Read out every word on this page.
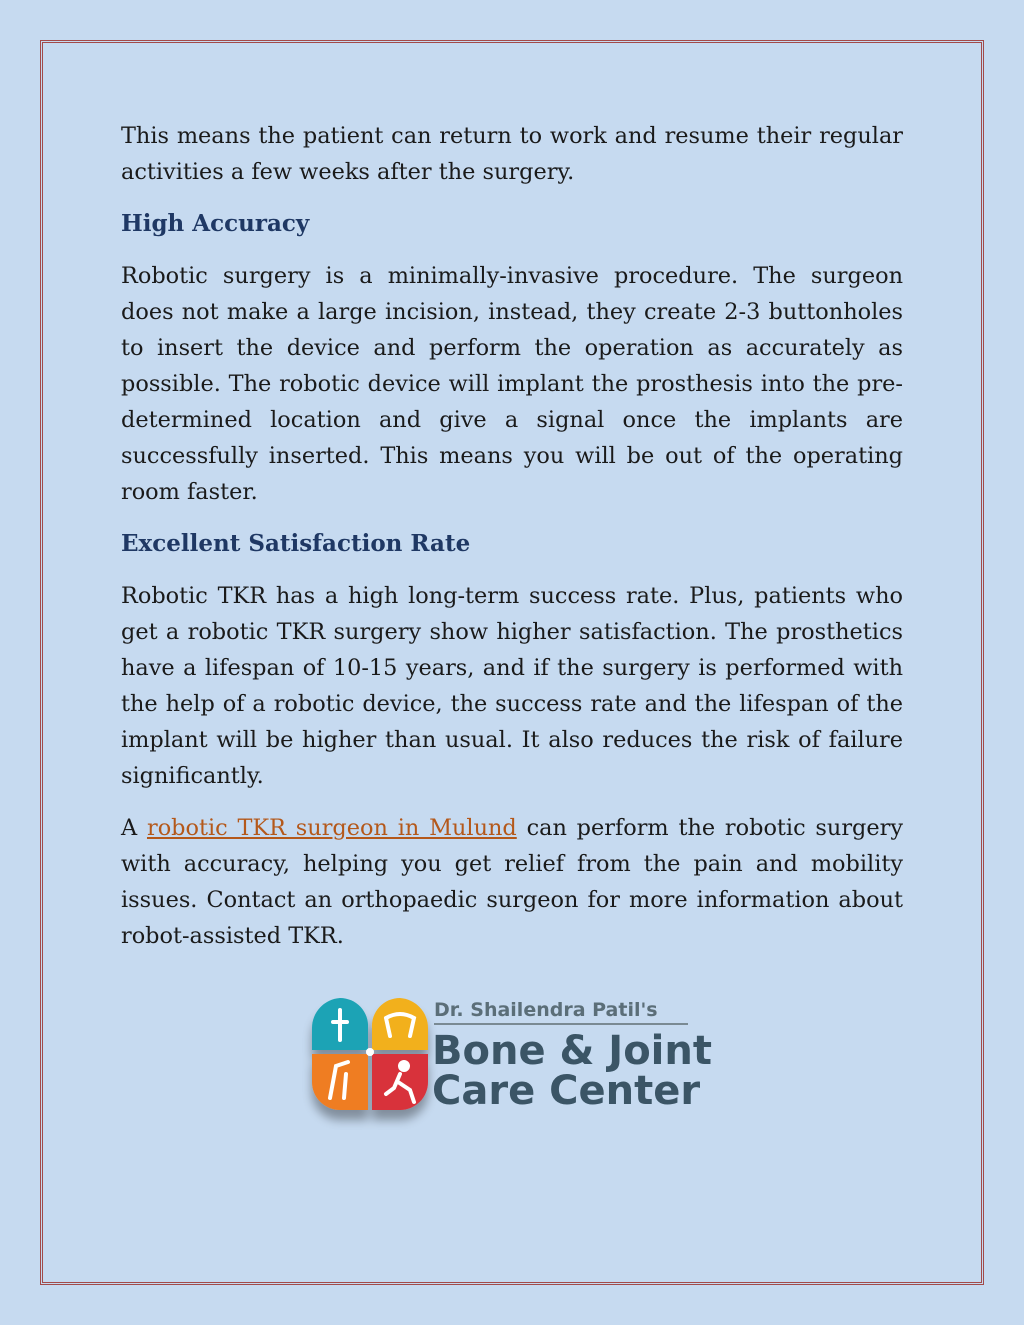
This means the patient can return to work and resume their regular activities a few weeks after the surgery.

High Accuracy

Robotic surgery is a minimally-invasive procedure. The surgeon does not make a large incision, instead, they create 2-3 buttonholes to insert the device and perform the operation as accurately as possible. The robotic device will implant the prosthesis into the pre-determined location and give a signal once the implants are successfully inserted. This means you will be out of the operating room faster.

Excellent Satisfaction Rate

Robotic TKR has a high long-term success rate. Plus, patients who get a robotic TKR surgery show higher satisfaction. The prosthetics have a lifespan of 10-15 years, and if the surgery is performed with the help of a robotic device, the success rate and the lifespan of the implant will be higher than usual. It also reduces the risk of failure significantly.

A robotic TKR surgeon in Mulund can perform the robotic surgery with accuracy, helping you get relief from the pain and mobility issues. Contact an orthopaedic surgeon for more information about robot-assisted TKR.

Dr. Shailendra Patil's
Bone & Joint
Care Center
